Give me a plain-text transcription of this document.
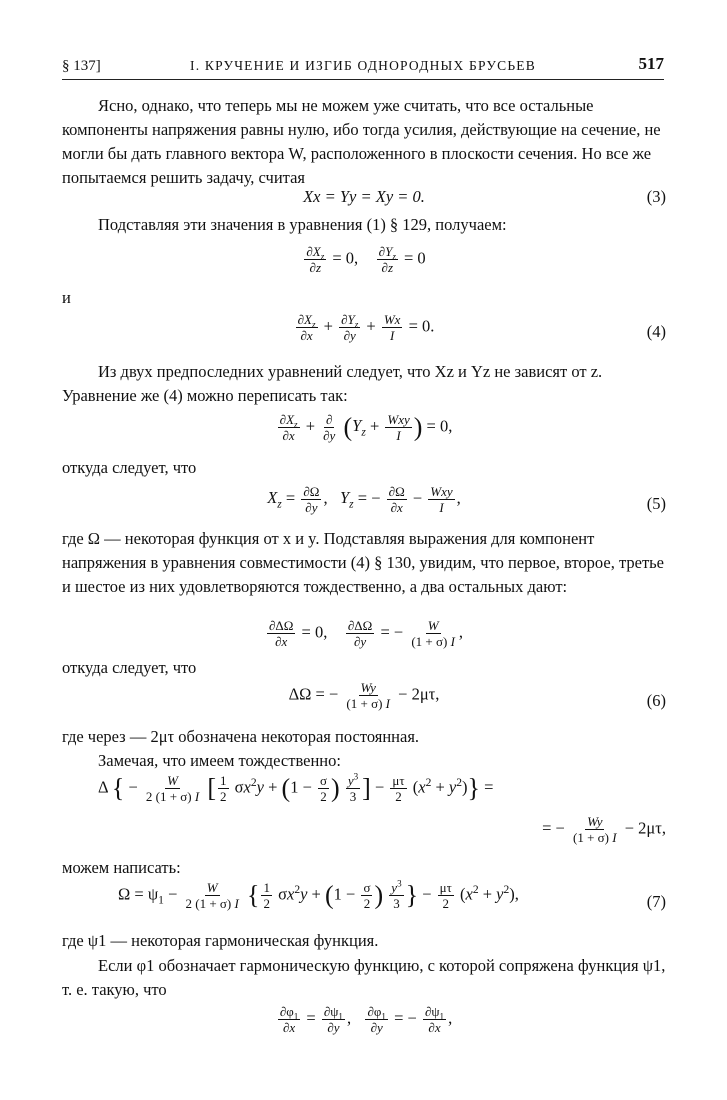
§ 137]	I. КРУЧЕНИЕ И ИЗГИБ ОДНОРОДНЫХ БРУСЬЕВ	517
Ясно, однако, что теперь мы не можем уже считать, что все остальные компоненты напряжения равны нулю, ибо тогда усилия, действующие на сечение, не могли бы дать главного вектора W, расположенного в плоскости сечения. Но все же попытаемся решить задачу, считая
Xx = Yy = Xy = 0.	(3)
Подставляя эти значения в уравнения (1) § 129, получаем:
$\frac{\partial X_z}{\partial z} = 0$, $\frac{\partial Y_z}{\partial z} = 0$
и
$\frac{\partial X_z}{\partial x} + \frac{\partial Y_z}{\partial y} + \frac{Wx}{I} = 0$.	(4)
Из двух предпоследних уравнений следует, что Xz и Yz не зависят от z. Уравнение же (4) можно переписать так:
$\frac{\partial X_z}{\partial x} + \frac{\partial}{\partial y} (Y_z + \frac{\text{Wxy}}{I}$ ) = 0,
откуда следует, что
$X_z = \frac{\partial\Omega}{\partial y}$ ,   $Y_z$ = − $\frac{\partial\Omega}{\partial x} - \frac{\text{Wxy}}{I}$ ,	(5)
где Ω — некоторая функция от x и y. Подставляя выражения для компонент напряжения в уравнения совместимости (4) § 130, увидим, что первое, второе, третье и шестое из них удовлетворяются тождественно, а два остальных дают:
$\frac{\partial\Delta\Omega}{\partial x} = 0$, $\frac{\partial\Delta\Omega}{\partial y}$ = − $\frac{W}{(1 + \sigma) I}$ ,
откуда следует, что
ΔΩ = − $\frac{Wy}{(1 + \sigma) I} - 2\mu\tau$,	(6)
где через — 2μτ обозначена некоторая постоянная.
Замечая, что имеем тождественно:
Δ { − $\frac{W}{2 (1 + \sigma) I}$ [ $\frac{1}{2} \sigma x^2y + (1 - \frac{\sigma}{2}$ ) $\frac{y^3}{3}$ ] − $\frac{\mu\tau}{2} (x^2 + y^2)$} =
= − $\frac{Wy}{(1 + \sigma) I} - 2\mu\tau$,
можем написать:
$\Omega = \psi_1 - \frac{W}{2 (1 + \sigma) I}$ { $\frac{1}{2} \sigma x^2y + (1 - \frac{\sigma}{2}$ ) $\frac{y^3}{3}$ } − $\frac{\mu\tau}{2} (x^2 + y^2)$,	(7)
где ψ1 — некоторая гармоническая функция.
Если φ1 обозначает гармоническую функцию, с которой сопряжена функция ψ1, т. е. такую, что
$\frac{\partial\varphi_1}{\partial x} = \frac{\partial\psi_1}{\partial y}$ , $\frac{\partial\varphi_1}{\partial y}$ = − $\frac{\partial\psi_1}{\partial x}$ ,
